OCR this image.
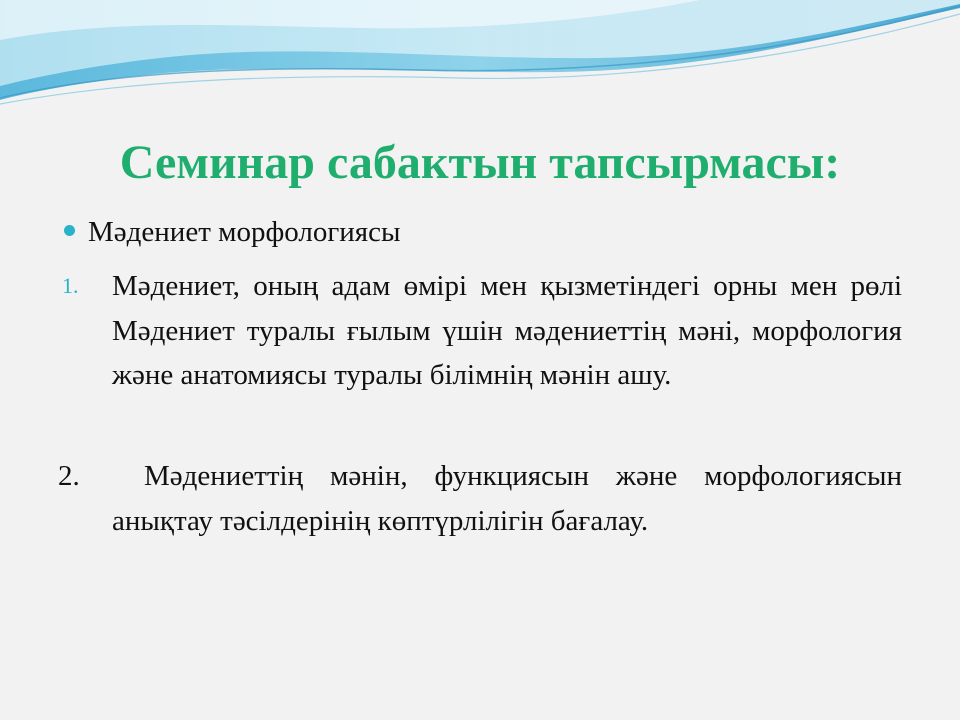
Семинар сабактын тапсырмасы:
Мәдениет морфологиясы
1. Мәдениет, оның адам өмірі мен қызметіндегі орны мен рөлі Мәдениет туралы ғылым үшін мәдениеттің мәні, морфология және анатомиясы туралы білімнің мәнін ашу.
2.	Мәдениеттің мәнін, функциясын және морфологиясын анықтау тәсілдерінің көптүрлілігін бағалау.
